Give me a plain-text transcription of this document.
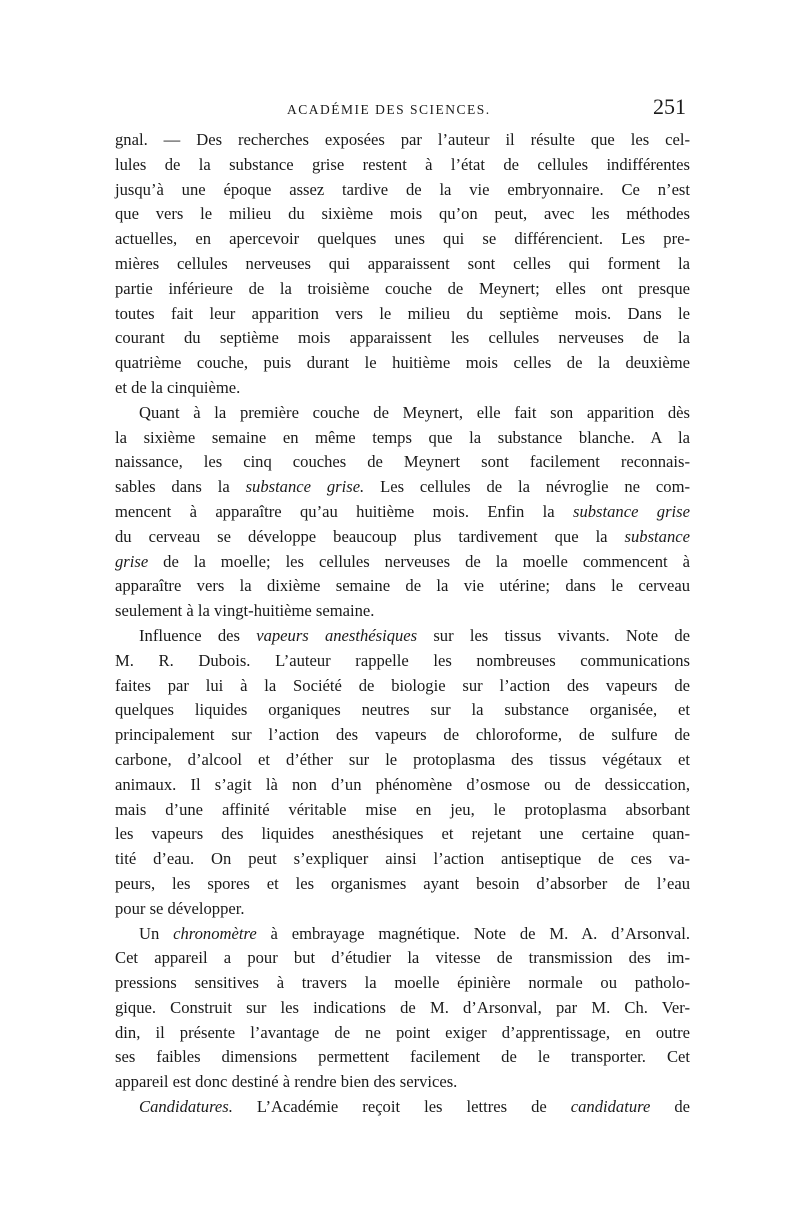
ACADÉMIE DES SCIENCES.	251
gnal. — Des recherches exposées par l’auteur il résulte que les cel-
lules de la substance grise restent à l’état de cellules indifférentes
jusqu’à une époque assez tardive de la vie embryonnaire. Ce n’est
que vers le milieu du sixième mois qu’on peut, avec les méthodes
actuelles, en apercevoir quelques unes qui se différencient. Les pre-
mières cellules nerveuses qui apparaissent sont celles qui forment la
partie inférieure de la troisième couche de Meynert; elles ont presque
toutes fait leur apparition vers le milieu du septième mois. Dans le
courant du septième mois apparaissent les cellules nerveuses de la
quatrième couche, puis durant le huitième mois celles de la deuxième
et de la cinquième.
Quant à la première couche de Meynert, elle fait son apparition dès
la sixième semaine en même temps que la substance blanche. A la
naissance, les cinq couches de Meynert sont facilement reconnais-
sables dans la substance grise. Les cellules de la névroglie ne com-
mencent à apparaître qu’au huitième mois. Enfin la substance grise
du cerveau se développe beaucoup plus tardivement que la substance
grise de la moelle; les cellules nerveuses de la moelle commencent à
apparaître vers la dixième semaine de la vie utérine; dans le cerveau
seulement à la vingt-huitième semaine.
Influence des vapeurs anesthésiques sur les tissus vivants. Note de
M. R. Dubois. L’auteur rappelle les nombreuses communications
faites par lui à la Société de biologie sur l’action des vapeurs de
quelques liquides organiques neutres sur la substance organisée, et
principalement sur l’action des vapeurs de chloroforme, de sulfure de
carbone, d’alcool et d’éther sur le protoplasma des tissus végétaux et
animaux. Il s’agit là non d’un phénomène d’osmose ou de dessiccation,
mais d’une affinité véritable mise en jeu, le protoplasma absorbant
les vapeurs des liquides anesthésiques et rejetant une certaine quan-
tité d’eau. On peut s’expliquer ainsi l’action antiseptique de ces va-
peurs, les spores et les organismes ayant besoin d’absorber de l’eau
pour se développer.
Un chronomètre à embrayage magnétique. Note de M. A. d’Arsonval.
Cet appareil a pour but d’étudier la vitesse de transmission des im-
pressions sensitives à travers la moelle épinière normale ou patholo-
gique. Construit sur les indications de M. d’Arsonval, par M. Ch. Ver-
din, il présente l’avantage de ne point exiger d’apprentissage, en outre
ses faibles dimensions permettent facilement de le transporter. Cet
appareil est donc destiné à rendre bien des services.
Candidatures. L’Académie reçoit les lettres de candidature de
